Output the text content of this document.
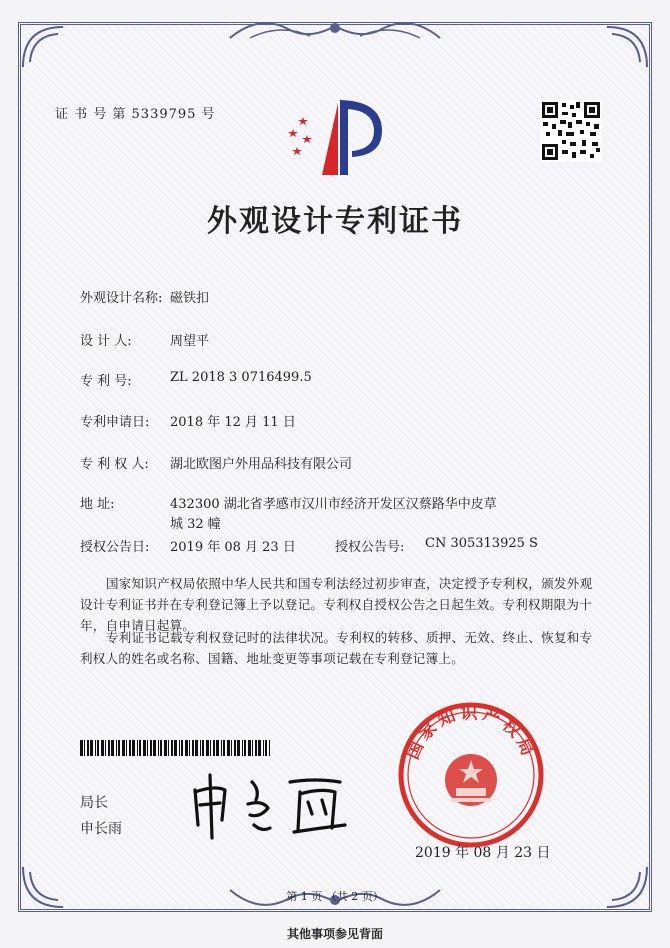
证 书 号 第 5339795 号
外观设计专利证书
外观设计名称: 磁铁扣
设 计 人:	周望平
专 利 号:	ZL 2018 3 0716499.5
专利申请日: 2018 年 12 月 11 日
专 利 权 人: 湖北欧图户外用品科技有限公司
地 址:	432300 湖北省孝感市汉川市经济开发区汉蔡路华中皮草
城 32 幢
授权公告日: 2019 年 08 月 23 日	授权公告号: CN 305313925 S
国家知识产权局依照中华人民共和国专利法经过初步审查，决定授予专利权，颁发外观设计专利证书并在专利登记簿上予以登记。专利权自授权公告之日起生效。专利权期限为十年，自申请日起算。
专利证书记载专利权登记时的法律状况。专利权的转移、质押、无效、终止、恢复和专利权人的姓名或名称、国籍、地址变更等事项记载在专利登记簿上。
局长
申长雨
国家知识产权局
2019 年 08 月 23 日
第 1 页 （共 2 页）
其他事项参见背面
